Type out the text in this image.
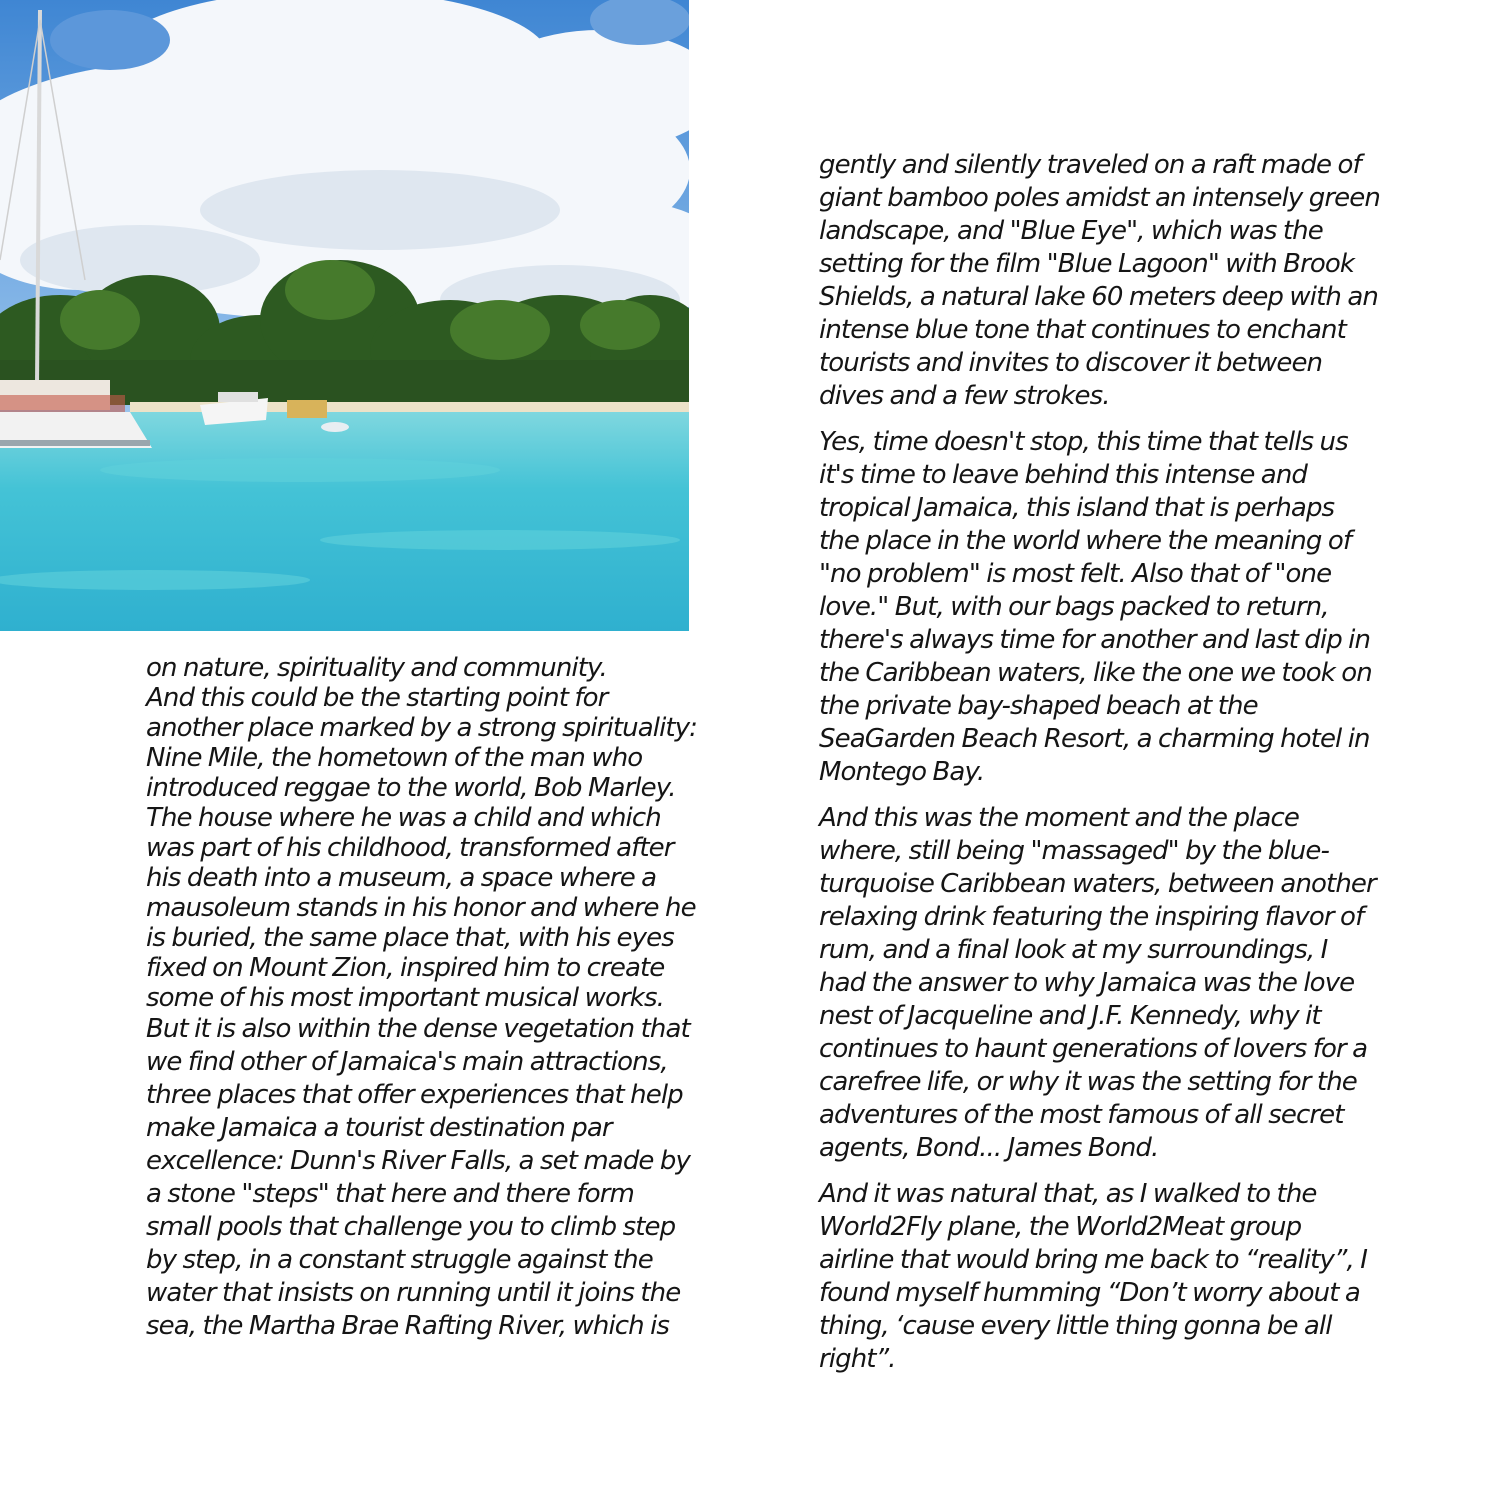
on nature, spirituality and community.
And this could be the starting point for
another place marked by a strong spirituality:
Nine Mile, the hometown of the man who
introduced reggae to the world, Bob Marley.
The house where he was a child and which
was part of his childhood, transformed after
his death into a museum, a space where a
mausoleum stands in his honor and where he
is buried, the same place that, with his eyes
fixed on Mount Zion, inspired him to create
some of his most important musical works.

But it is also within the dense vegetation that
we find other of Jamaica's main attractions,
three places that offer experiences that help
make Jamaica a tourist destination par
excellence: Dunn's River Falls, a set made by
a stone "steps" that here and there form
small pools that challenge you to climb step
by step, in a constant struggle against the
water that insists on running until it joins the
sea, the Martha Brae Rafting River, which is

gently and silently traveled on a raft made of
giant bamboo poles amidst an intensely green
landscape, and "Blue Eye", which was the
setting for the film "Blue Lagoon" with Brook
Shields, a natural lake 60 meters deep with an
intense blue tone that continues to enchant
tourists and invites to discover it between
dives and a few strokes.

Yes, time doesn't stop, this time that tells us
it's time to leave behind this intense and
tropical Jamaica, this island that is perhaps
the place in the world where the meaning of
"no problem" is most felt. Also that of "one
love." But, with our bags packed to return,
there's always time for another and last dip in
the Caribbean waters, like the one we took on
the private bay-shaped beach at the
SeaGarden Beach Resort, a charming hotel in
Montego Bay.

And this was the moment and the place
where, still being "massaged" by the blue-
turquoise Caribbean waters, between another
relaxing drink featuring the inspiring flavor of
rum, and a final look at my surroundings, I
had the answer to why Jamaica was the love
nest of Jacqueline and J.F. Kennedy, why it
continues to haunt generations of lovers for a
carefree life, or why it was the setting for the
adventures of the most famous of all secret
agents, Bond... James Bond.

And it was natural that, as I walked to the
World2Fly plane, the World2Meat group
airline that would bring me back to “reality”, I
found myself humming “Don’t worry about a
thing, ‘cause every little thing gonna be all
right”.
